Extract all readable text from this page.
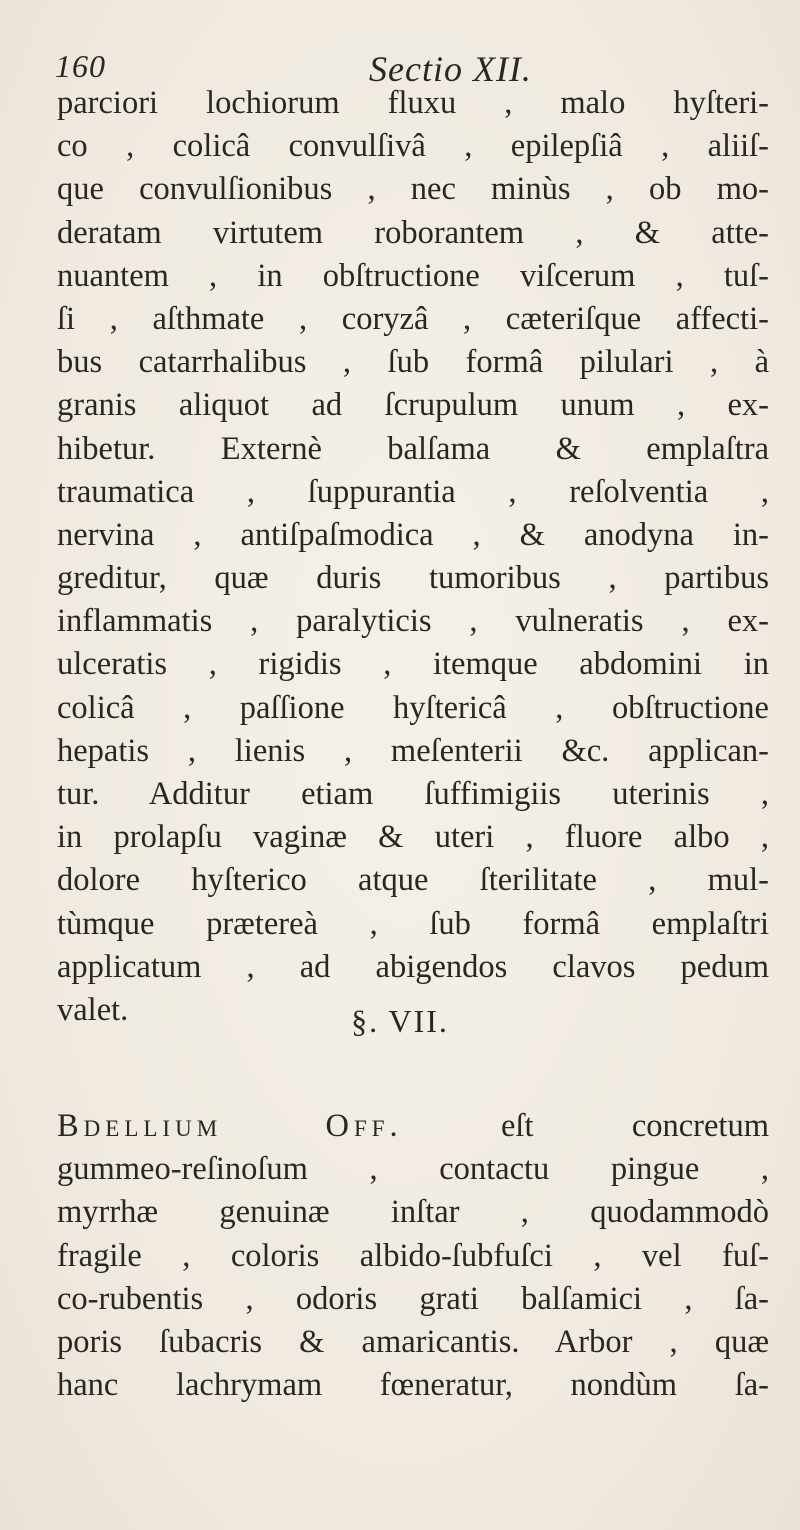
160	Sectio XII.
parciori lochiorum fluxu , malo hyſteri-
co , colicâ convulſivâ , epilepſiâ , aliiſ-
que convulſionibus , nec minùs , ob mo-
deratam virtutem roborantem , & atte-
nuantem , in obſtructione viſcerum , tuſ-
ſi , aſthmate , coryzâ , cæteriſque affecti-
bus catarrhalibus , ſub formâ pilulari , à
granis aliquot ad ſcrupulum unum , ex-
hibetur. Externè balſama & emplaſtra
traumatica , ſuppurantia , reſolventia ,
nervina , antiſpaſmodica , & anodyna in-
greditur, quæ duris tumoribus , partibus
inflammatis , paralyticis , vulneratis , ex-
ulceratis , rigidis , itemque abdomini in
colicâ , paſſione hyſtericâ , obſtructione
hepatis , lienis , meſenterii &c. applican-
tur. Additur etiam ſuffimigiis uterinis ,
in prolapſu vaginæ & uteri , fluore albo ,
dolore hyſterico atque ſterilitate , mul-
tùmque prætereà , ſub formâ emplaſtri
applicatum , ad abigendos clavos pedum
valet.	§. VII.
Bdellium Off. eſt concretum
gummeo-reſinoſum , contactu pingue ,
myrrhæ genuinæ inſtar , quodammodò
fragile , coloris albido-ſubfuſci , vel fuſ-
co-rubentis , odoris grati balſamici , ſa-
poris ſubacris & amaricantis. Arbor , quæ
hanc lachrymam fœneratur, nondùm ſa-
